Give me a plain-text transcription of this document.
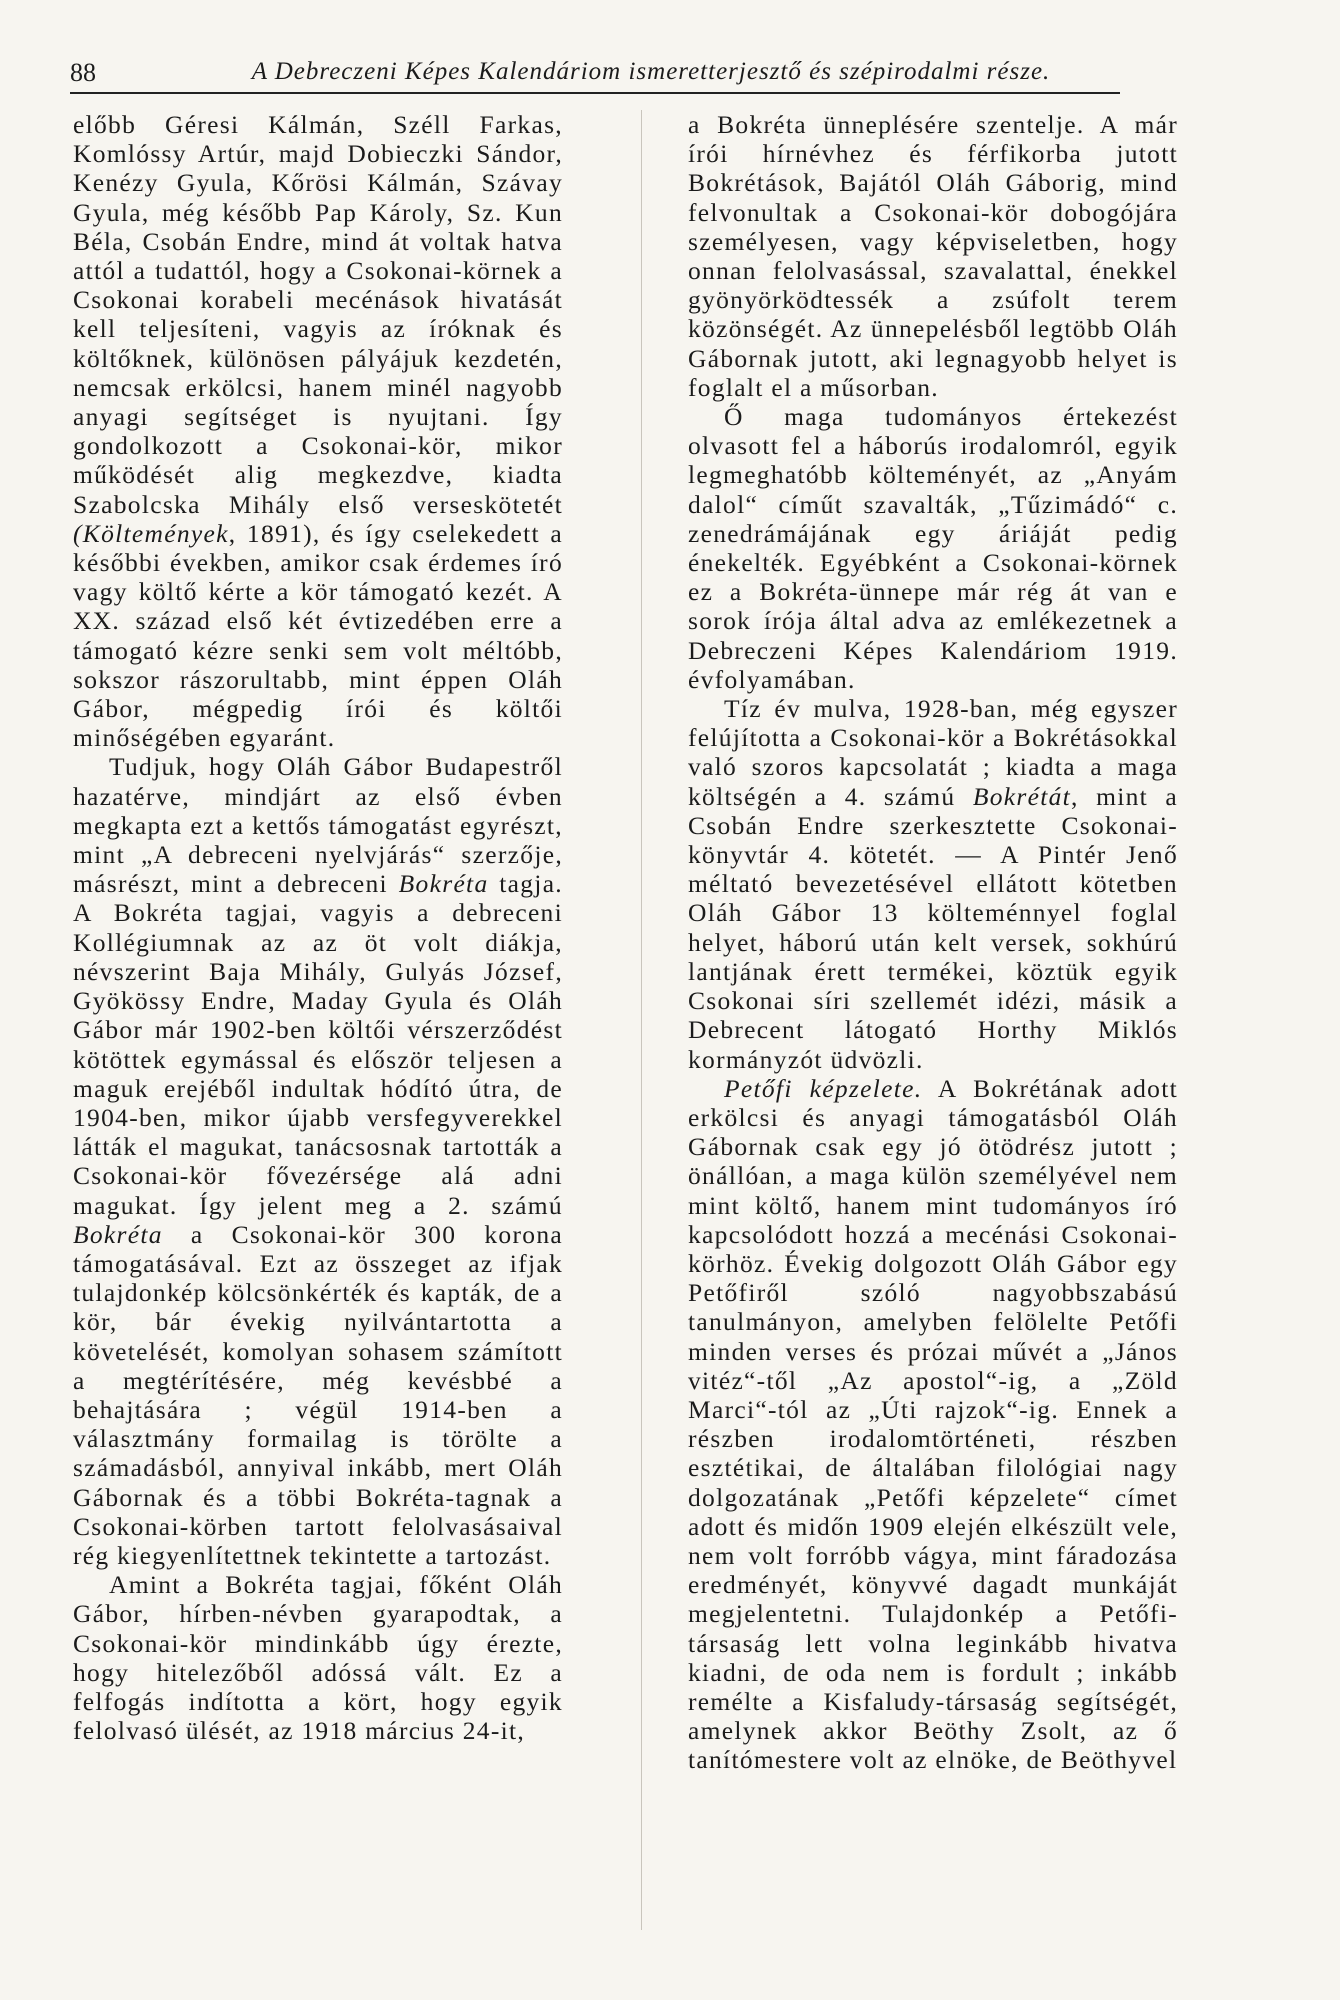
88	A Debreczeni Képes Kalendáriom ismeretterjesztő és szépirodalmi része.

előbb Géresi Kálmán, Széll Farkas, Komlóssy Artúr, majd Dobieczki Sándor, Kenézy Gyula, Kőrösi Kálmán, Szávay Gyula, még később Pap Károly, Sz. Kun Béla, Csobán Endre, mind át voltak hatva attól a tudattól, hogy a Csokonai-körnek a Csokonai korabeli mecénások hivatását kell teljesíteni, vagyis az íróknak és költőknek, különösen pályájuk kezdetén, nemcsak erkölcsi, hanem minél nagyobb anyagi segítséget is nyujtani. Így gondolkozott a Csokonai-kör, mikor működését alig megkezdve, kiadta Szabolcska Mihály első verseskötetét (Költemények, 1891), és így cselekedett a későbbi években, amikor csak érdemes író vagy költő kérte a kör támogató kezét. A XX. század első két évtizedében erre a támogató kézre senki sem volt méltóbb, sokszor rászorultabb, mint éppen Oláh Gábor, mégpedig írói és költői minőségében egyaránt.

Tudjuk, hogy Oláh Gábor Budapestről hazatérve, mindjárt az első évben megkapta ezt a kettős támogatást egyrészt, mint „A debreceni nyelvjárás“ szerzője, másrészt, mint a debreceni Bokréta tagja. A Bokréta tagjai, vagyis a debreceni Kollégiumnak az az öt volt diákja, névszerint Baja Mihály, Gulyás József, Gyökössy Endre, Maday Gyula és Oláh Gábor már 1902-ben költői vérszerződést kötöttek egymással és először teljesen a maguk erejéből indultak hódító útra, de 1904-ben, mikor újabb versfegyverekkel látták el magukat, tanácsosnak tartották a Csokonai-kör fővezérsége alá adni magukat. Így jelent meg a 2. számú Bokréta a Csokonai-kör 300 korona támogatásával. Ezt az összeget az ifjak tulajdonkép kölcsönkérték és kapták, de a kör, bár évekig nyilvántartotta a követelését, komolyan sohasem számított a megtérítésére, még kevésbbé a behajtására ; végül 1914-ben a választmány formailag is törölte a számadásból, annyival inkább, mert Oláh Gábornak és a többi Bokréta-tagnak a Csokonai-körben tartott felolvasásaival rég kiegyenlítettnek tekintette a tartozást.

Amint a Bokréta tagjai, főként Oláh Gábor, hírben-névben gyarapodtak, a Csokonai-kör mindinkább úgy érezte, hogy hitelezőből adóssá vált. Ez a felfogás indította a kört, hogy egyik felolvasó ülését, az 1918 március 24-it,

a Bokréta ünneplésére szentelje. A már írói hírnévhez és férfikorba jutott Bokrétások, Bajától Oláh Gáborig, mind felvonultak a Csokonai-kör dobogójára személyesen, vagy képviseletben, hogy onnan felolvasással, szavalattal, énekkel gyönyörködtessék a zsúfolt terem közönségét. Az ünnepelésből legtöbb Oláh Gábornak jutott, aki legnagyobb helyet is foglalt el a műsorban.

Ő maga tudományos értekezést olvasott fel a háborús irodalomról, egyik legmeghatóbb költeményét, az „Anyám dalol“ címűt szavalták, „Tűzimádó“ c. zenedrámájának egy áriáját pedig énekelték. Egyébként a Csokonai-körnek ez a Bokréta-ünnepe már rég át van e sorok írója által adva az emlékezetnek a Debreczeni Képes Kalendáriom 1919. évfolyamában.

Tíz év mulva, 1928-ban, még egyszer felújította a Csokonai-kör a Bokrétásokkal való szoros kapcsolatát ; kiadta a maga költségén a 4. számú Bokrétát, mint a Csobán Endre szerkesztette Csokonai-könyvtár 4. kötetét. — A Pintér Jenő méltató bevezetésével ellátott kötetben Oláh Gábor 13 költeménnyel foglal helyet, háború után kelt versek, sokhúrú lantjának érett termékei, köztük egyik Csokonai síri szellemét idézi, másik a Debrecent látogató Horthy Miklós kormányzót üdvözli.

Petőfi képzelete. A Bokrétának adott erkölcsi és anyagi támogatásból Oláh Gábornak csak egy jó ötödrész jutott ; önállóan, a maga külön személyével nem mint költő, hanem mint tudományos író kapcsolódott hozzá a mecénási Csokonai-körhöz. Évekig dolgozott Oláh Gábor egy Petőfiről szóló nagyobbszabású tanulmányon, amelyben felölelte Petőfi minden verses és prózai művét a „János vitéz“-től „Az apostol“-ig, a „Zöld Marci“-tól az „Úti rajzok“-ig. Ennek a részben irodalomtörténeti, részben esztétikai, de általában filológiai nagy dolgozatának „Petőfi képzelete“ címet adott és midőn 1909 elején elkészült vele, nem volt forróbb vágya, mint fáradozása eredményét, könyvvé dagadt munkáját megjelentetni. Tulajdonkép a Petőfi-társaság lett volna leginkább hivatva kiadni, de oda nem is fordult ; inkább remélte a Kisfaludy-társaság segítségét, amelynek akkor Beöthy Zsolt, az ő tanítómestere volt az elnöke, de Beöthyvel
